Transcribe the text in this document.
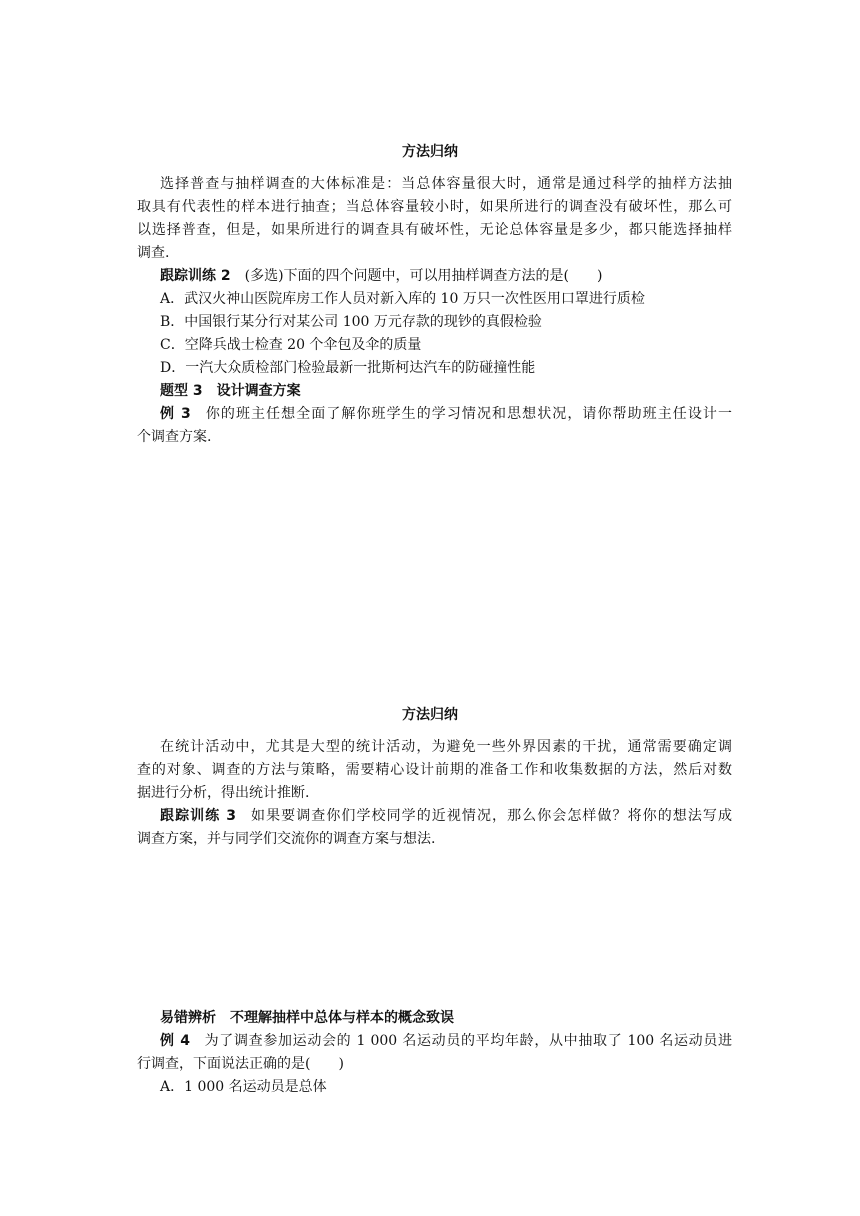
方法归纳
选择普查与抽样调查的大体标准是：当总体容量很大时，通常是通过科学的抽样方法抽
取具有代表性的样本进行抽查；当总体容量较小时，如果所进行的调查没有破坏性，那么可
以选择普查，但是，如果所进行的调查具有破坏性，无论总体容量是多少，都只能选择抽样
调查.
跟踪训练 2 (多选)下面的四个问题中，可以用抽样调查方法的是(　　)
A．武汉火神山医院库房工作人员对新入库的 10 万只一次性医用口罩进行质检
B．中国银行某分行对某公司 100 万元存款的现钞的真假检验
C．空降兵战士检查 20 个伞包及伞的质量
D．一汽大众质检部门检验最新一批斯柯达汽车的防碰撞性能
题型 3　设计调查方案
例 3 你的班主任想全面了解你班学生的学习情况和思想状况，请你帮助班主任设计一
个调查方案.
方法归纳
在统计活动中，尤其是大型的统计活动，为避免一些外界因素的干扰，通常需要确定调
查的对象、调查的方法与策略，需要精心设计前期的准备工作和收集数据的方法，然后对数
据进行分析，得出统计推断.
跟踪训练 3 如果要调查你们学校同学的近视情况，那么你会怎样做？将你的想法写成
调查方案，并与同学们交流你的调查方案与想法.
易错辨析　不理解抽样中总体与样本的概念致误
例 4 为了调查参加运动会的 1 000 名运动员的平均年龄，从中抽取了 100 名运动员进
行调查，下面说法正确的是(　　)
A．1 000 名运动员是总体
